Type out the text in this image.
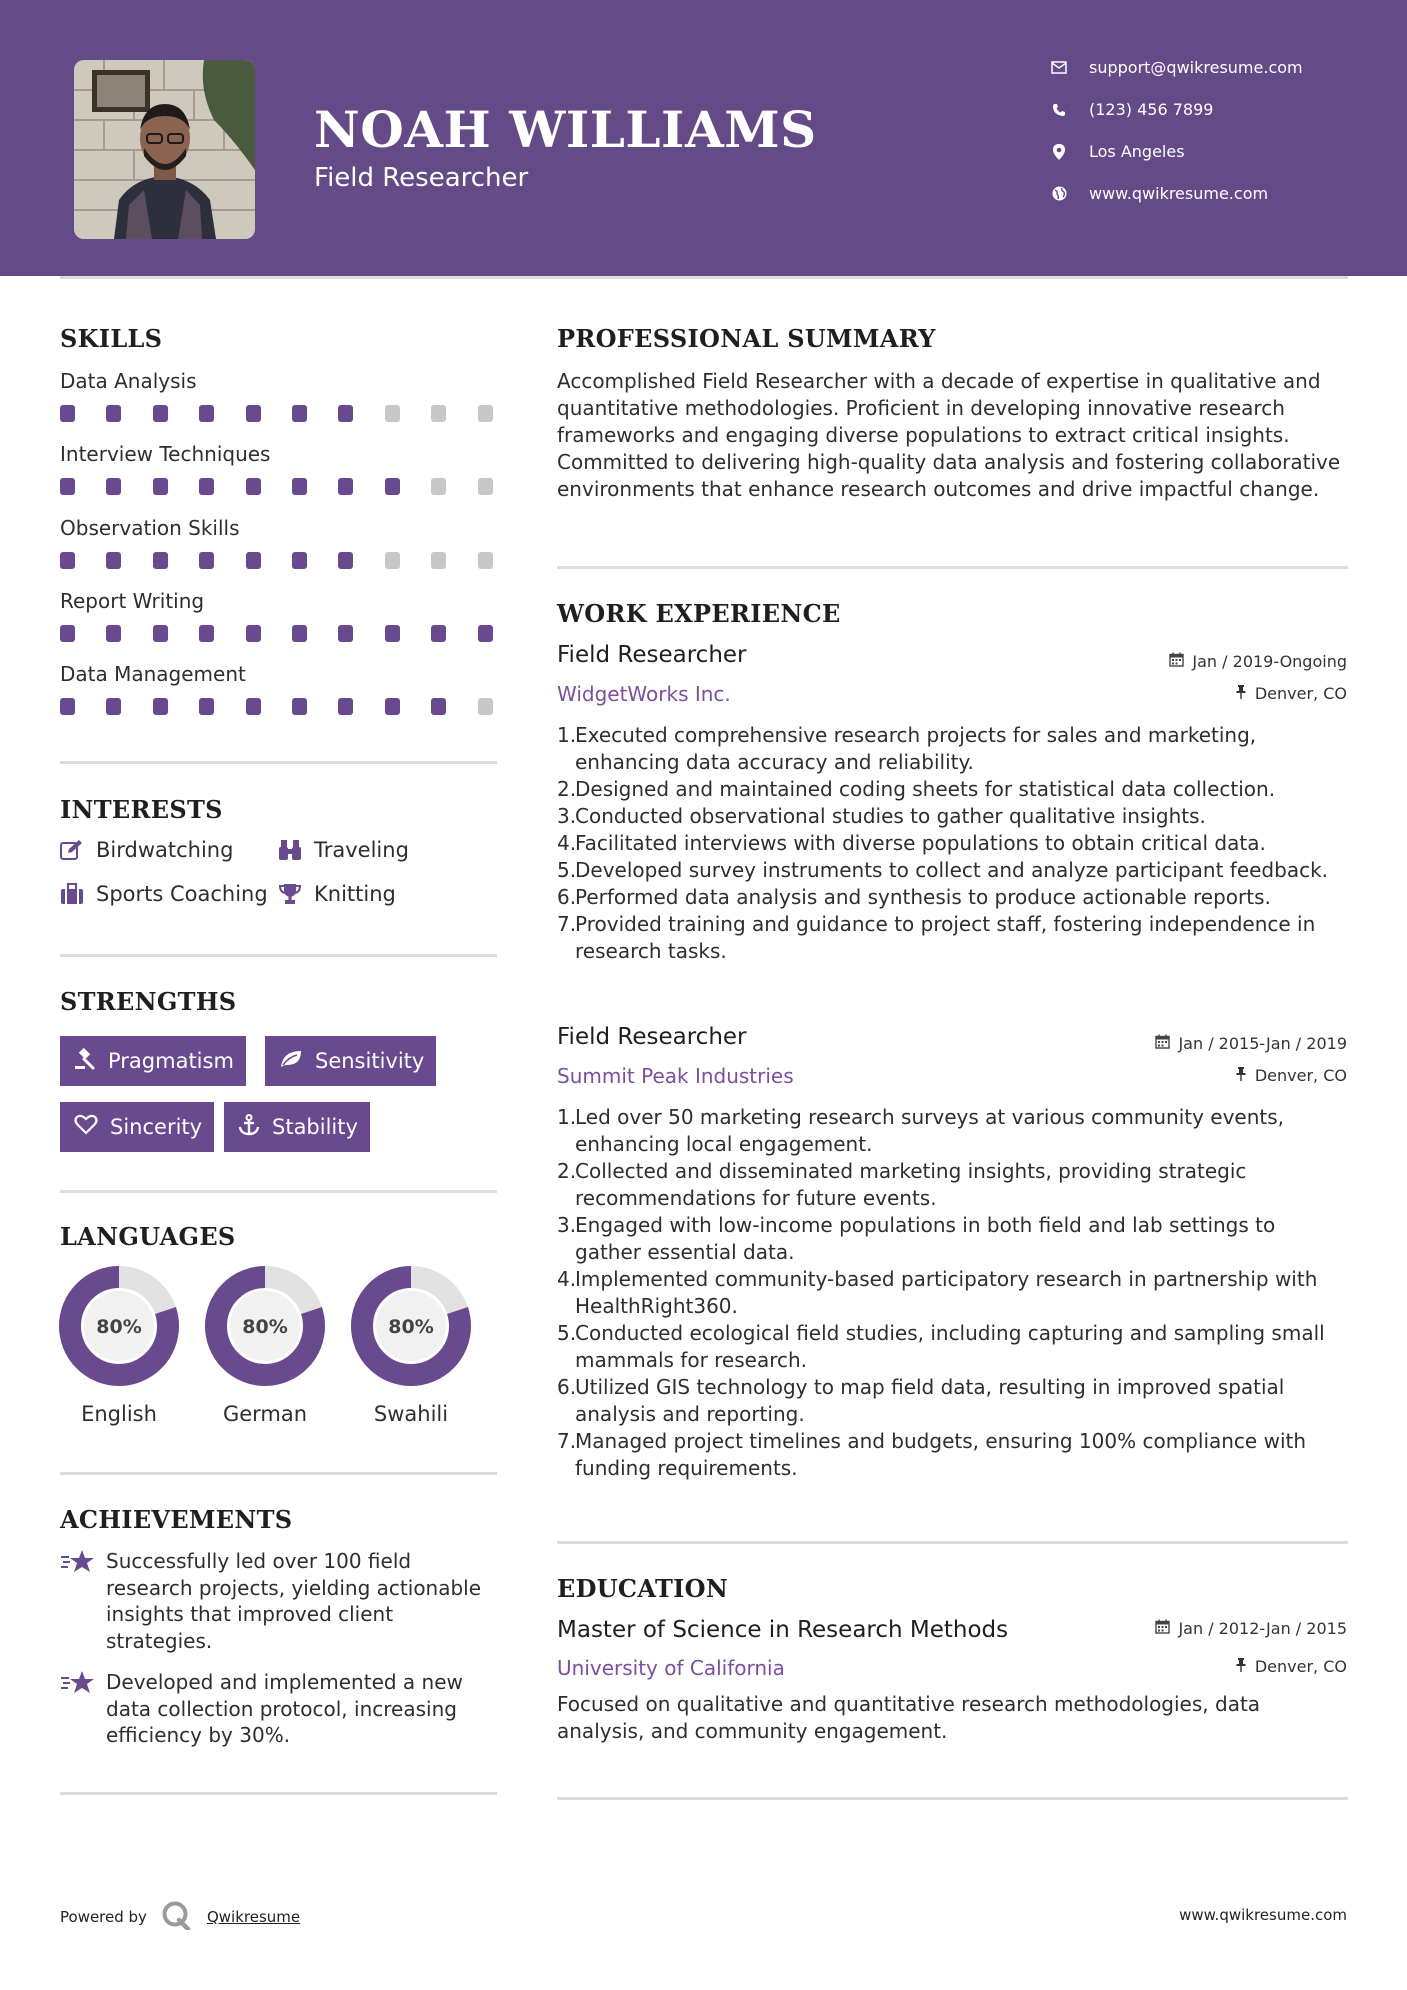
NOAH WILLIAMS
Field Researcher
support@qwikresume.com
(123) 456 7899
Los Angeles
www.qwikresume.com
SKILLS
Data Analysis
Interview Techniques
Observation Skills
Report Writing
Data Management
INTERESTS
Birdwatching	Traveling
Sports Coaching Knitting
STRENGTHS
Pragmatism	Sensitivity
Sincerity	Stability
LANGUAGES
80%
English
80%
German
80%
Swahili
ACHIEVEMENTS
Successfully led over 100 field research projects, yielding actionable insights that improved client strategies.
Developed and implemented a new data collection protocol, increasing efficiency by 30%.
PROFESSIONAL SUMMARY
Accomplished Field Researcher with a decade of expertise in qualitative and quantitative methodologies. Proficient in developing innovative research frameworks and engaging diverse populations to extract critical insights. Committed to delivering high-quality data analysis and fostering collaborative environments that enhance research outcomes and drive impactful change.
WORK EXPERIENCE
Field Researcher	Jan / 2019-Ongoing
WidgetWorks Inc.	Denver, CO
1.
Executed comprehensive research projects for sales and marketing, enhancing data accuracy and reliability.
2.
Designed and maintained coding sheets for statistical data collection.
3.
Conducted observational studies to gather qualitative insights.
4.
Facilitated interviews with diverse populations to obtain critical data.
5.
Developed survey instruments to collect and analyze participant feedback.
6.
Performed data analysis and synthesis to produce actionable reports.
7.
Provided training and guidance to project staff, fostering independence in research tasks.
Field Researcher	Jan / 2015-Jan / 2019
Summit Peak Industries	Denver, CO
1.
Led over 50 marketing research surveys at various community events, enhancing local engagement.
2.
Collected and disseminated marketing insights, providing strategic recommendations for future events.
3.
Engaged with low-income populations in both field and lab settings to gather essential data.
4.
Implemented community-based participatory research in partnership with HealthRight360.
5.
Conducted ecological field studies, including capturing and sampling small mammals for research.
6.
Utilized GIS technology to map field data, resulting in improved spatial analysis and reporting.
7.
Managed project timelines and budgets, ensuring 100% compliance with funding requirements.
EDUCATION
Master of Science in Research Methods	Jan / 2012-Jan / 2015
University of California	Denver, CO
Focused on qualitative and quantitative research methodologies, data analysis, and community engagement.
Powered by	Qwikresume	www.qwikresume.com
